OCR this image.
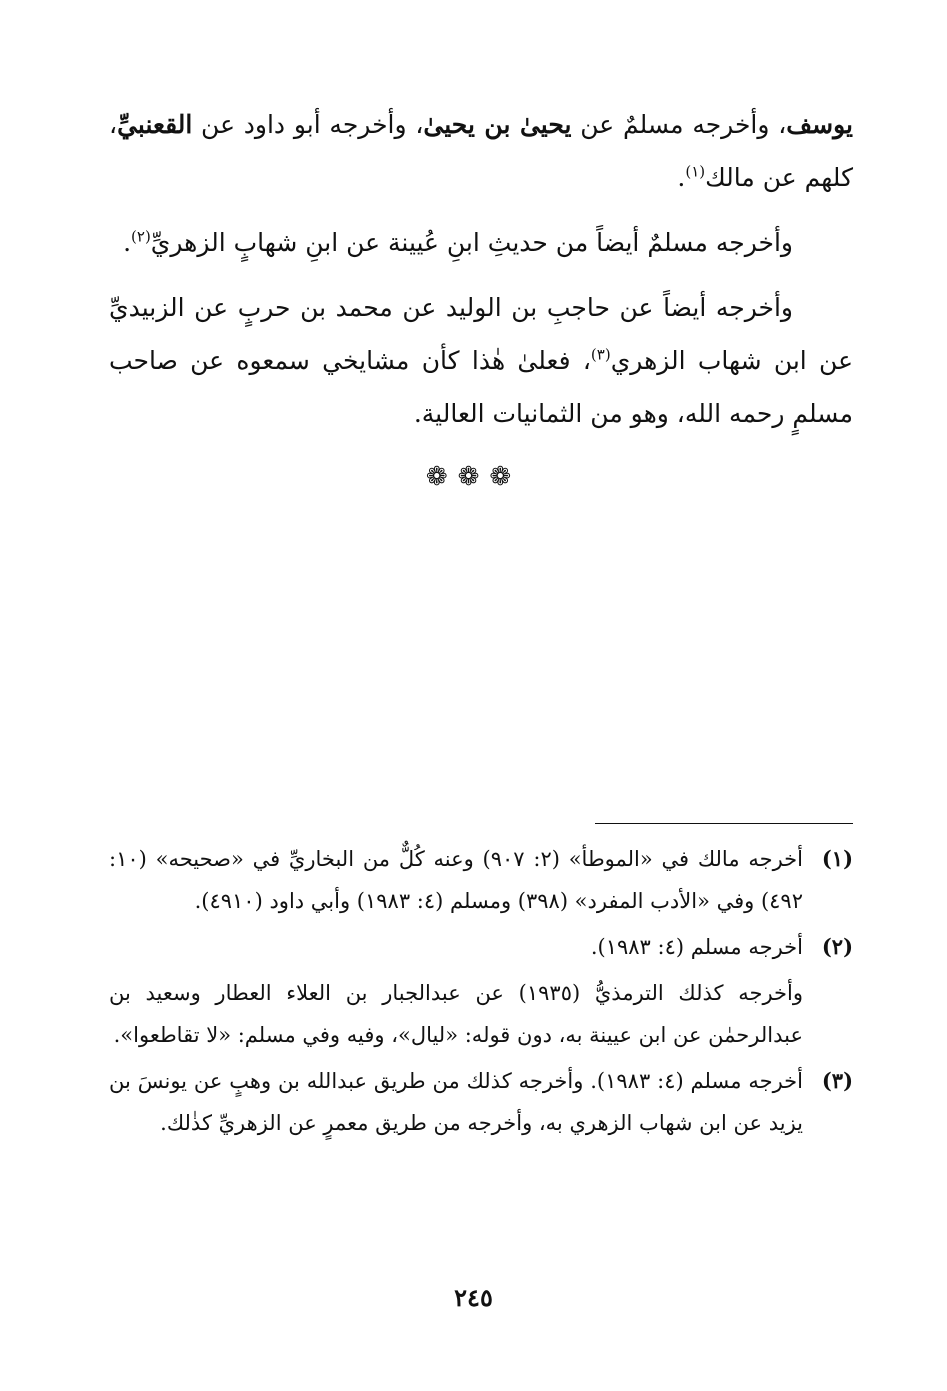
يوسف، وأخرجه مسلمٌ عن يحيىٰ بن يحيىٰ، وأخرجه أبو داود عن القعنبيِّ، كلهم عن مالك$^{(١)}$.

وأخرجه مسلمٌ أيضاً من حديثِ ابنِ عُيينة عن ابنِ شهابٍ الزهريِّ$^{(٢)}$.

وأخرجه أيضاً عن حاجبِ بن الوليد عن محمد بن حربٍ عن الزبيديِّ عن ابن شهاب الزهري$^{(٣)}$، فعلىٰ هٰذا كأن مشايخي سمعوه عن صاحب مسلمٍ رحمه الله، وهو من الثمانيات العالية.

❁❁❁
(١)
أخرجه مالك في «الموطأ» (٢: ٩٠٧) وعنه كُلٌّ من البخاريِّ في «صحيحه» (١٠: ٤٩٢) وفي «الأدب المفرد» (٣٩٨) ومسلم (٤: ١٩٨٣) وأبي داود (٤٩١٠).
(٢)
أخرجه مسلم (٤: ١٩٨٣).
وأخرجه كذلك الترمذيُّ (١٩٣٥) عن عبدالجبار بن العلاء العطار وسعيد بن عبدالرحمٰن عن ابن عيينة به، دون قوله: «ليال»، وفيه وفي مسلم: «لا تقاطعوا».
(٣)
أخرجه مسلم (٤: ١٩٨٣). وأخرجه كذلك من طريق عبدالله بن وهبٍ عن يونسَ بن يزيد عن ابن شهاب الزهري به، وأخرجه من طريق معمرٍ عن الزهريِّ كذٰلك.
٢٤٥
